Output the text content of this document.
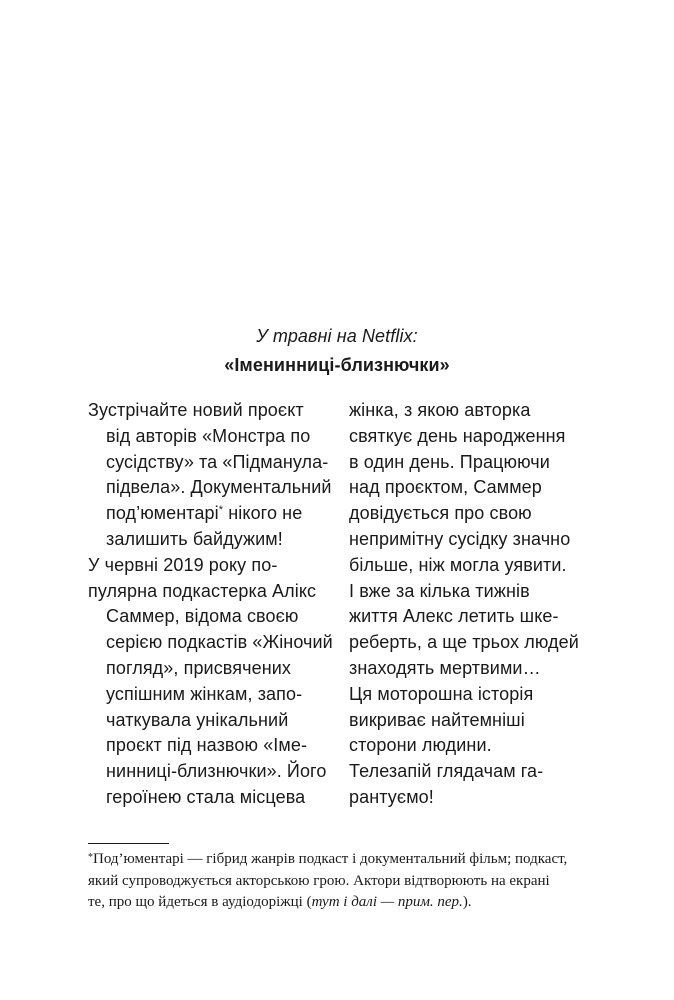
У травні на Netflix:
«Іменинниці-близнючки»
Зустрічайте новий проєкт
від авторів «Монстра по
сусідству» та «Підманула-
підвела». Документальний
под’юментарі* нікого не
залишить байдужим!
У червні 2019 року по-
пулярна подкастерка Алікс
Саммер, відома своєю
серією подкастів «Жіночий
погляд», присвячених
успішним жінкам, запо-
чаткувала унікальний
проєкт під назвою «Іме-
нинниці-близнючки». Його
героїнею стала місцева
жінка, з якою авторка
святкує день народження
в один день. Працюючи
над проєктом, Саммер
довідується про свою
непримітну сусідку значно
більше, ніж могла уявити.
І вже за кілька тижнів
життя Алекс летить шке-
реберть, а ще трьох людей
знаходять мертвими…
Ця моторошна історія
викриває найтемніші
сторони людини.
Телезапій глядачам га-
рантуємо!
*Под’юментарі — гібрид жанрів подкаст і документальний фільм; подкаст,
який супроводжується акторською грою. Актори відтворюють на екрані
те, про що йдеться в аудіодоріжці (тут і далі — прим. пер.).
